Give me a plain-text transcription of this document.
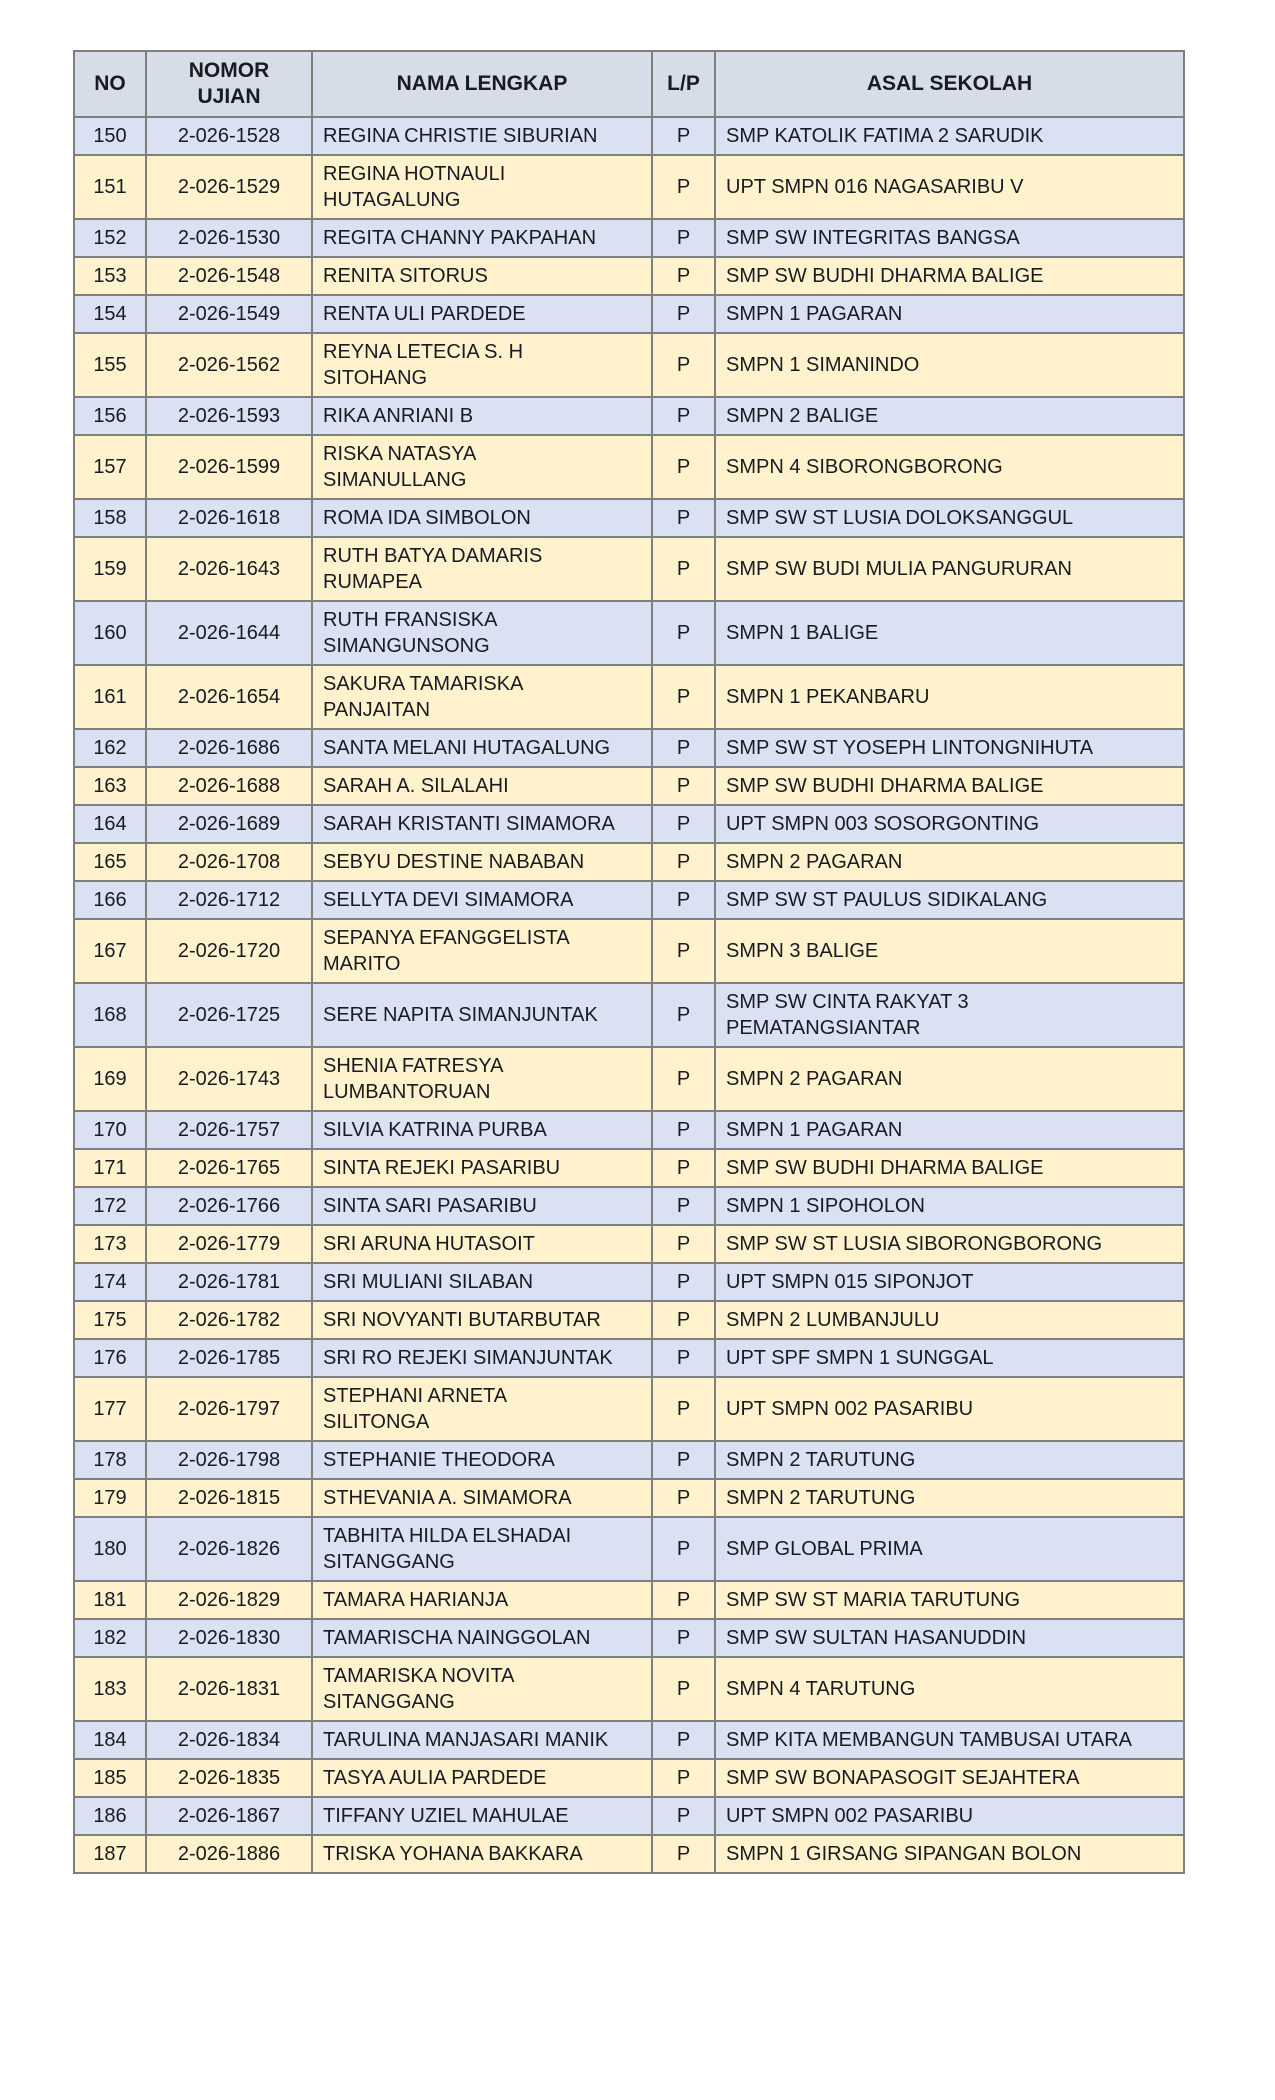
NO	NOMOR
UJIAN	NAMA LENGKAP	L/P	ASAL SEKOLAH
150	2-026-1528	REGINA CHRISTIE SIBURIAN	P	SMP KATOLIK FATIMA 2 SARUDIK
151	2-026-1529	REGINA HOTNAULI
HUTAGALUNG	P	UPT SMPN 016 NAGASARIBU V
152	2-026-1530	REGITA CHANNY PAKPAHAN	P	SMP SW INTEGRITAS BANGSA
153	2-026-1548	RENITA SITORUS	P	SMP SW BUDHI DHARMA BALIGE
154	2-026-1549	RENTA ULI PARDEDE	P	SMPN 1 PAGARAN
155	2-026-1562	REYNA LETECIA S. H
SITOHANG	P	SMPN 1 SIMANINDO
156	2-026-1593	RIKA ANRIANI B	P	SMPN 2 BALIGE
157	2-026-1599	RISKA NATASYA
SIMANULLANG	P	SMPN 4 SIBORONGBORONG
158	2-026-1618	ROMA IDA SIMBOLON	P	SMP SW ST LUSIA DOLOKSANGGUL
159	2-026-1643	RUTH BATYA DAMARIS
RUMAPEA	P	SMP SW BUDI MULIA PANGURURAN
160	2-026-1644	RUTH FRANSISKA
SIMANGUNSONG	P	SMPN 1 BALIGE
161	2-026-1654	SAKURA TAMARISKA
PANJAITAN	P	SMPN 1 PEKANBARU
162	2-026-1686	SANTA MELANI HUTAGALUNG	P	SMP SW ST YOSEPH LINTONGNIHUTA
163	2-026-1688	SARAH A. SILALAHI	P	SMP SW BUDHI DHARMA BALIGE
164	2-026-1689	SARAH KRISTANTI SIMAMORA	P	UPT SMPN 003 SOSORGONTING
165	2-026-1708	SEBYU DESTINE NABABAN	P	SMPN 2 PAGARAN
166	2-026-1712	SELLYTA DEVI SIMAMORA	P	SMP SW ST PAULUS SIDIKALANG
167	2-026-1720	SEPANYA EFANGGELISTA
MARITO	P	SMPN 3 BALIGE
168	2-026-1725	SERE NAPITA SIMANJUNTAK	P	SMP SW CINTA RAKYAT 3
PEMATANGSIANTAR
169	2-026-1743	SHENIA FATRESYA
LUMBANTORUAN	P	SMPN 2 PAGARAN
170	2-026-1757	SILVIA KATRINA PURBA	P	SMPN 1 PAGARAN
171	2-026-1765	SINTA REJEKI PASARIBU	P	SMP SW BUDHI DHARMA BALIGE
172	2-026-1766	SINTA SARI PASARIBU	P	SMPN 1 SIPOHOLON
173	2-026-1779	SRI ARUNA HUTASOIT	P	SMP SW ST LUSIA SIBORONGBORONG
174	2-026-1781	SRI MULIANI SILABAN	P	UPT SMPN 015 SIPONJOT
175	2-026-1782	SRI NOVYANTI BUTARBUTAR	P	SMPN 2 LUMBANJULU
176	2-026-1785	SRI RO REJEKI SIMANJUNTAK	P	UPT SPF SMPN 1 SUNGGAL
177	2-026-1797	STEPHANI ARNETA
SILITONGA	P	UPT SMPN 002 PASARIBU
178	2-026-1798	STEPHANIE THEODORA	P	SMPN 2 TARUTUNG
179	2-026-1815	STHEVANIA A. SIMAMORA	P	SMPN 2 TARUTUNG
180	2-026-1826	TABHITA HILDA ELSHADAI
SITANGGANG	P	SMP GLOBAL PRIMA
181	2-026-1829	TAMARA HARIANJA	P	SMP SW ST MARIA TARUTUNG
182	2-026-1830	TAMARISCHA NAINGGOLAN	P	SMP SW SULTAN HASANUDDIN
183	2-026-1831	TAMARISKA NOVITA
SITANGGANG	P	SMPN 4 TARUTUNG
184	2-026-1834	TARULINA MANJASARI MANIK	P	SMP KITA MEMBANGUN TAMBUSAI UTARA
185	2-026-1835	TASYA AULIA PARDEDE	P	SMP SW BONAPASOGIT SEJAHTERA
186	2-026-1867	TIFFANY UZIEL MAHULAE	P	UPT SMPN 002 PASARIBU
187	2-026-1886	TRISKA YOHANA BAKKARA	P	SMPN 1 GIRSANG SIPANGAN BOLON
